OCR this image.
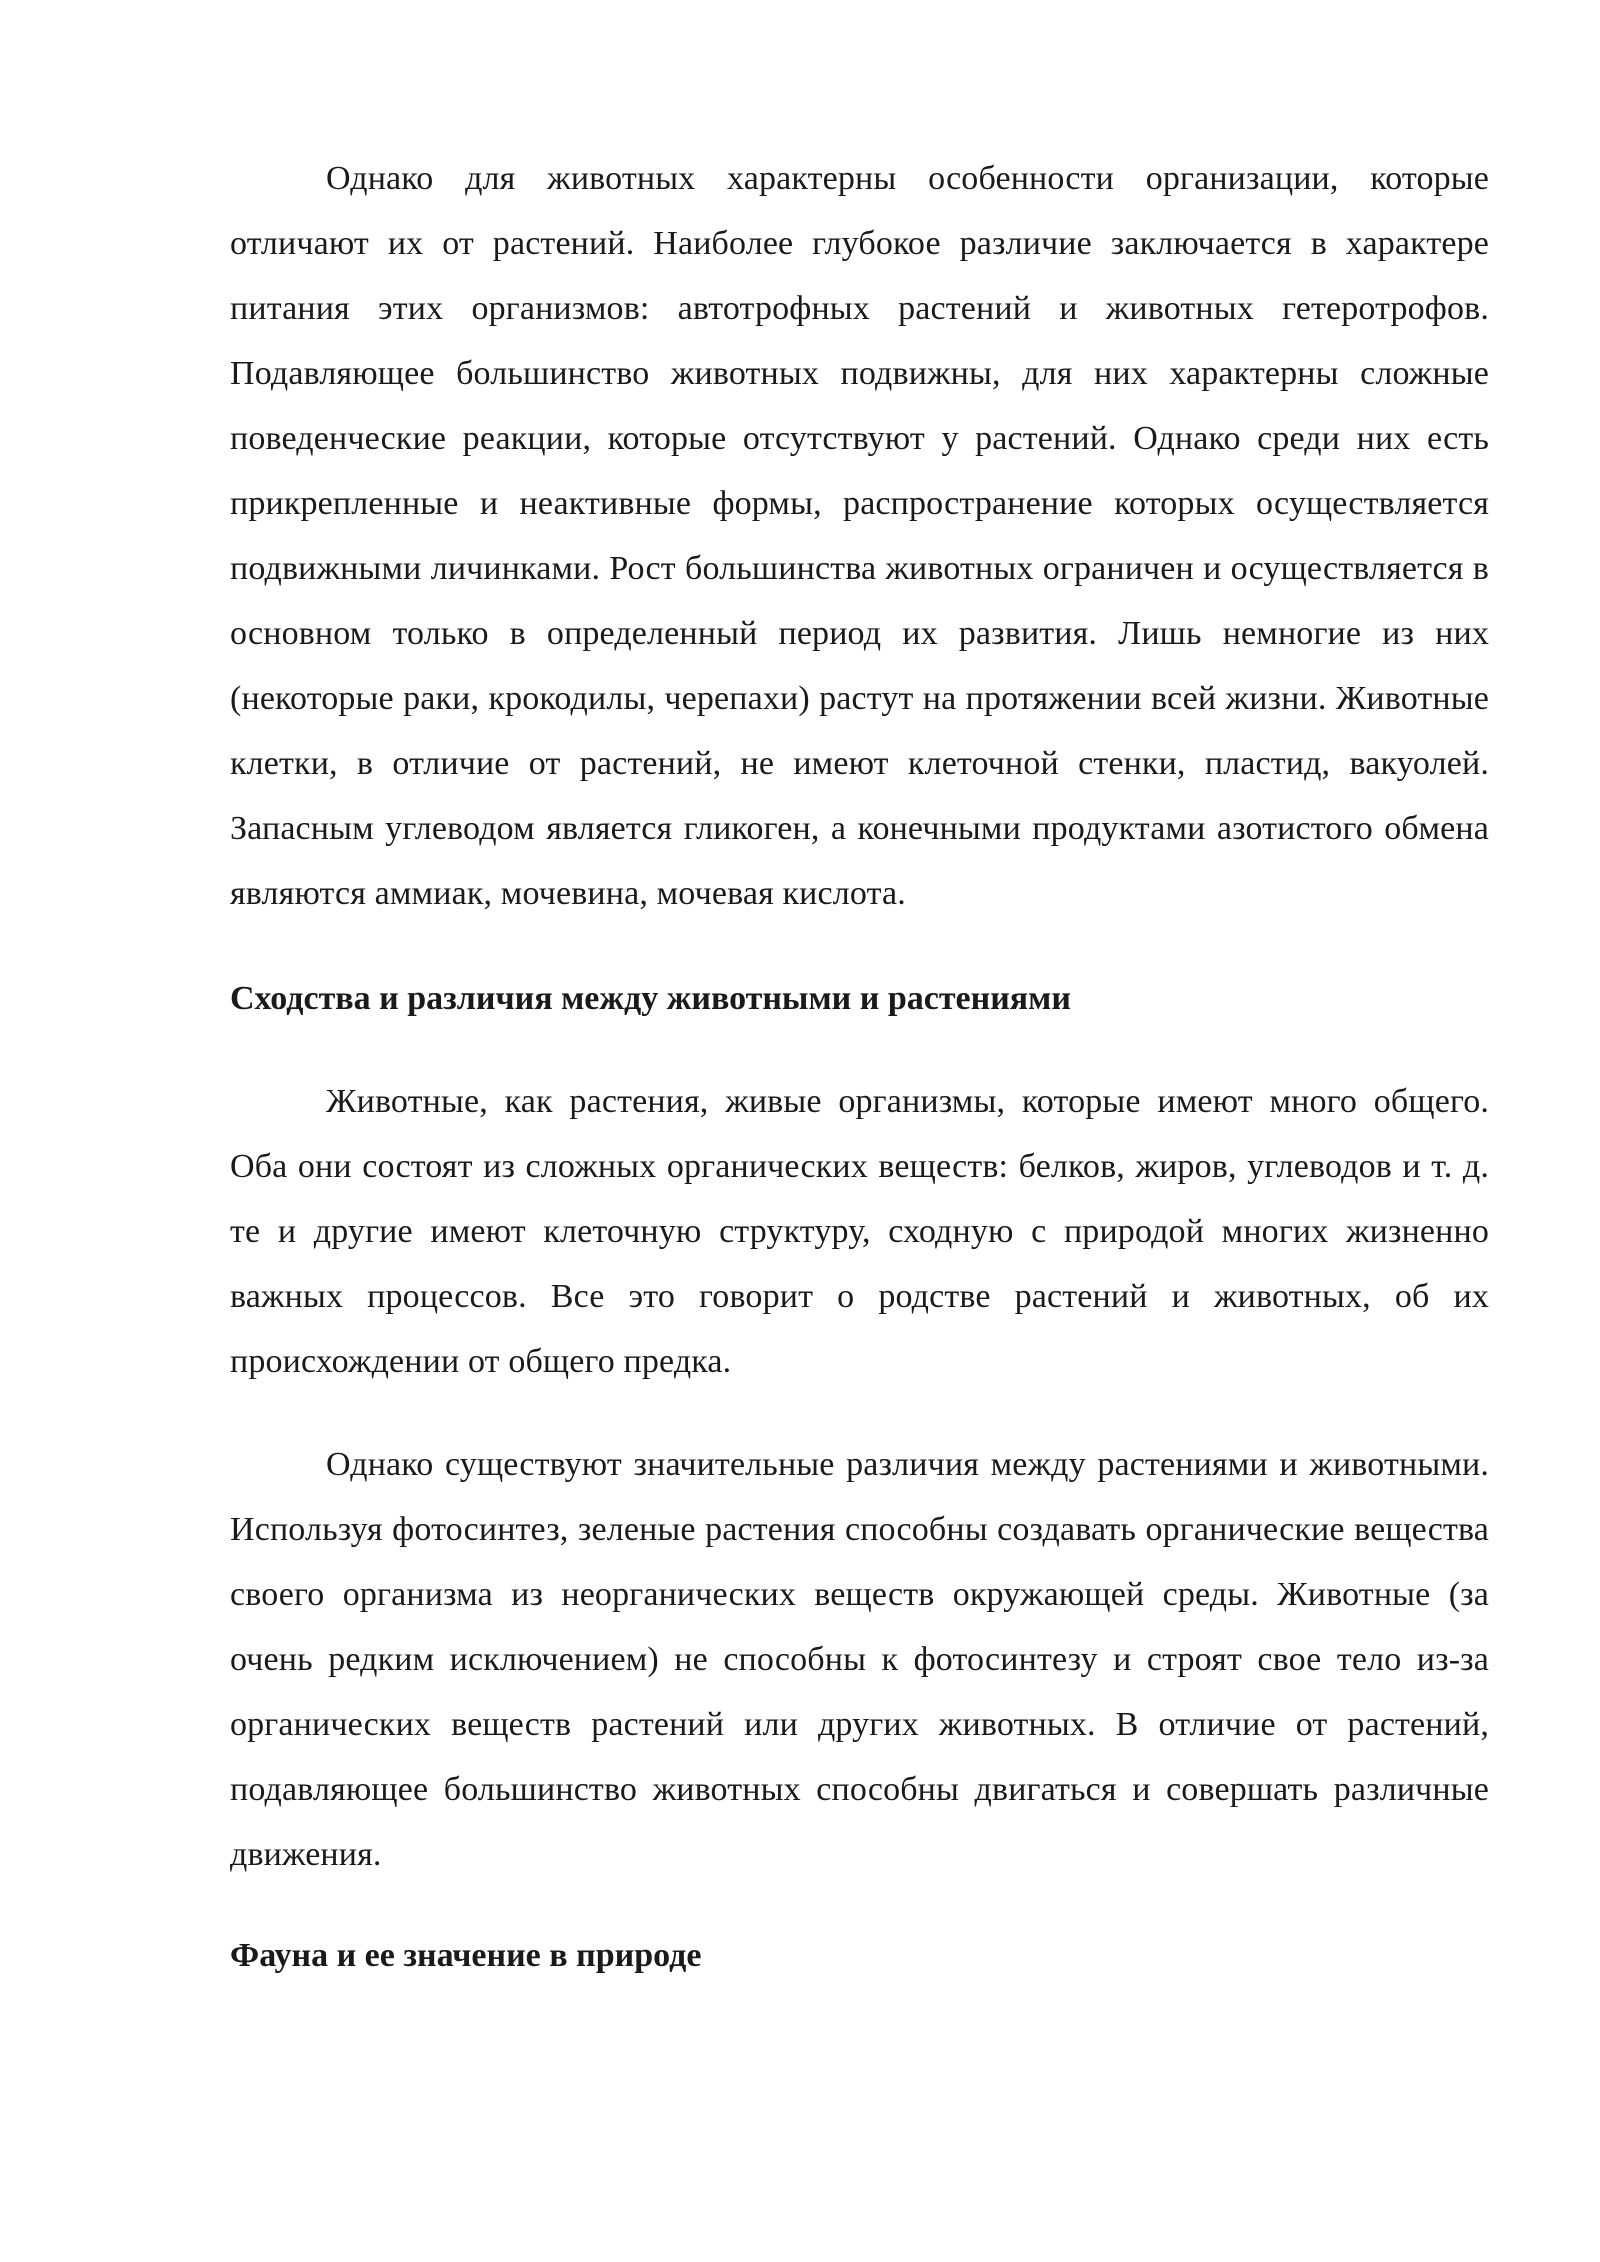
Однако для животных характерны особенности организации, которые отличают их от растений. Наиболее глубокое различие заключается в характере питания этих организмов: автотрофных растений и животных гетеротрофов. Подавляющее большинство животных подвижны, для них характерны сложные поведенческие реакции, которые отсутствуют у растений. Однако среди них есть прикрепленные и неактивные формы, распространение которых осуществляется подвижными личинками. Рост большинства животных ограничен и осуществляется в основном только в определенный период их развития. Лишь немногие из них (некоторые раки, крокодилы, черепахи) растут на протяжении всей жизни. Животные клетки, в отличие от растений, не имеют клеточной стенки, пластид, вакуолей. Запасным углеводом является гликоген, а конечными продуктами азотистого обмена являются аммиак, мочевина, мочевая кислота.

Сходства и различия между животными и растениями

Животные, как растения, живые организмы, которые имеют много общего. Оба они состоят из сложных органических веществ: белков, жиров, углеводов и т. д. те и другие имеют клеточную структуру, сходную с природой многих жизненно важных процессов. Все это говорит о родстве растений и животных, об их происхождении от общего предка.

Однако существуют значительные различия между растениями и животными. Используя фотосинтез, зеленые растения способны создавать органические вещества своего организма из неорганических веществ окружающей среды. Животные (за очень редким исключением) не способны к фотосинтезу и строят свое тело из-за органических веществ растений или других животных. В отличие от растений, подавляющее большинство животных способны двигаться и совершать различные движения.

Фауна и ее значение в природе
